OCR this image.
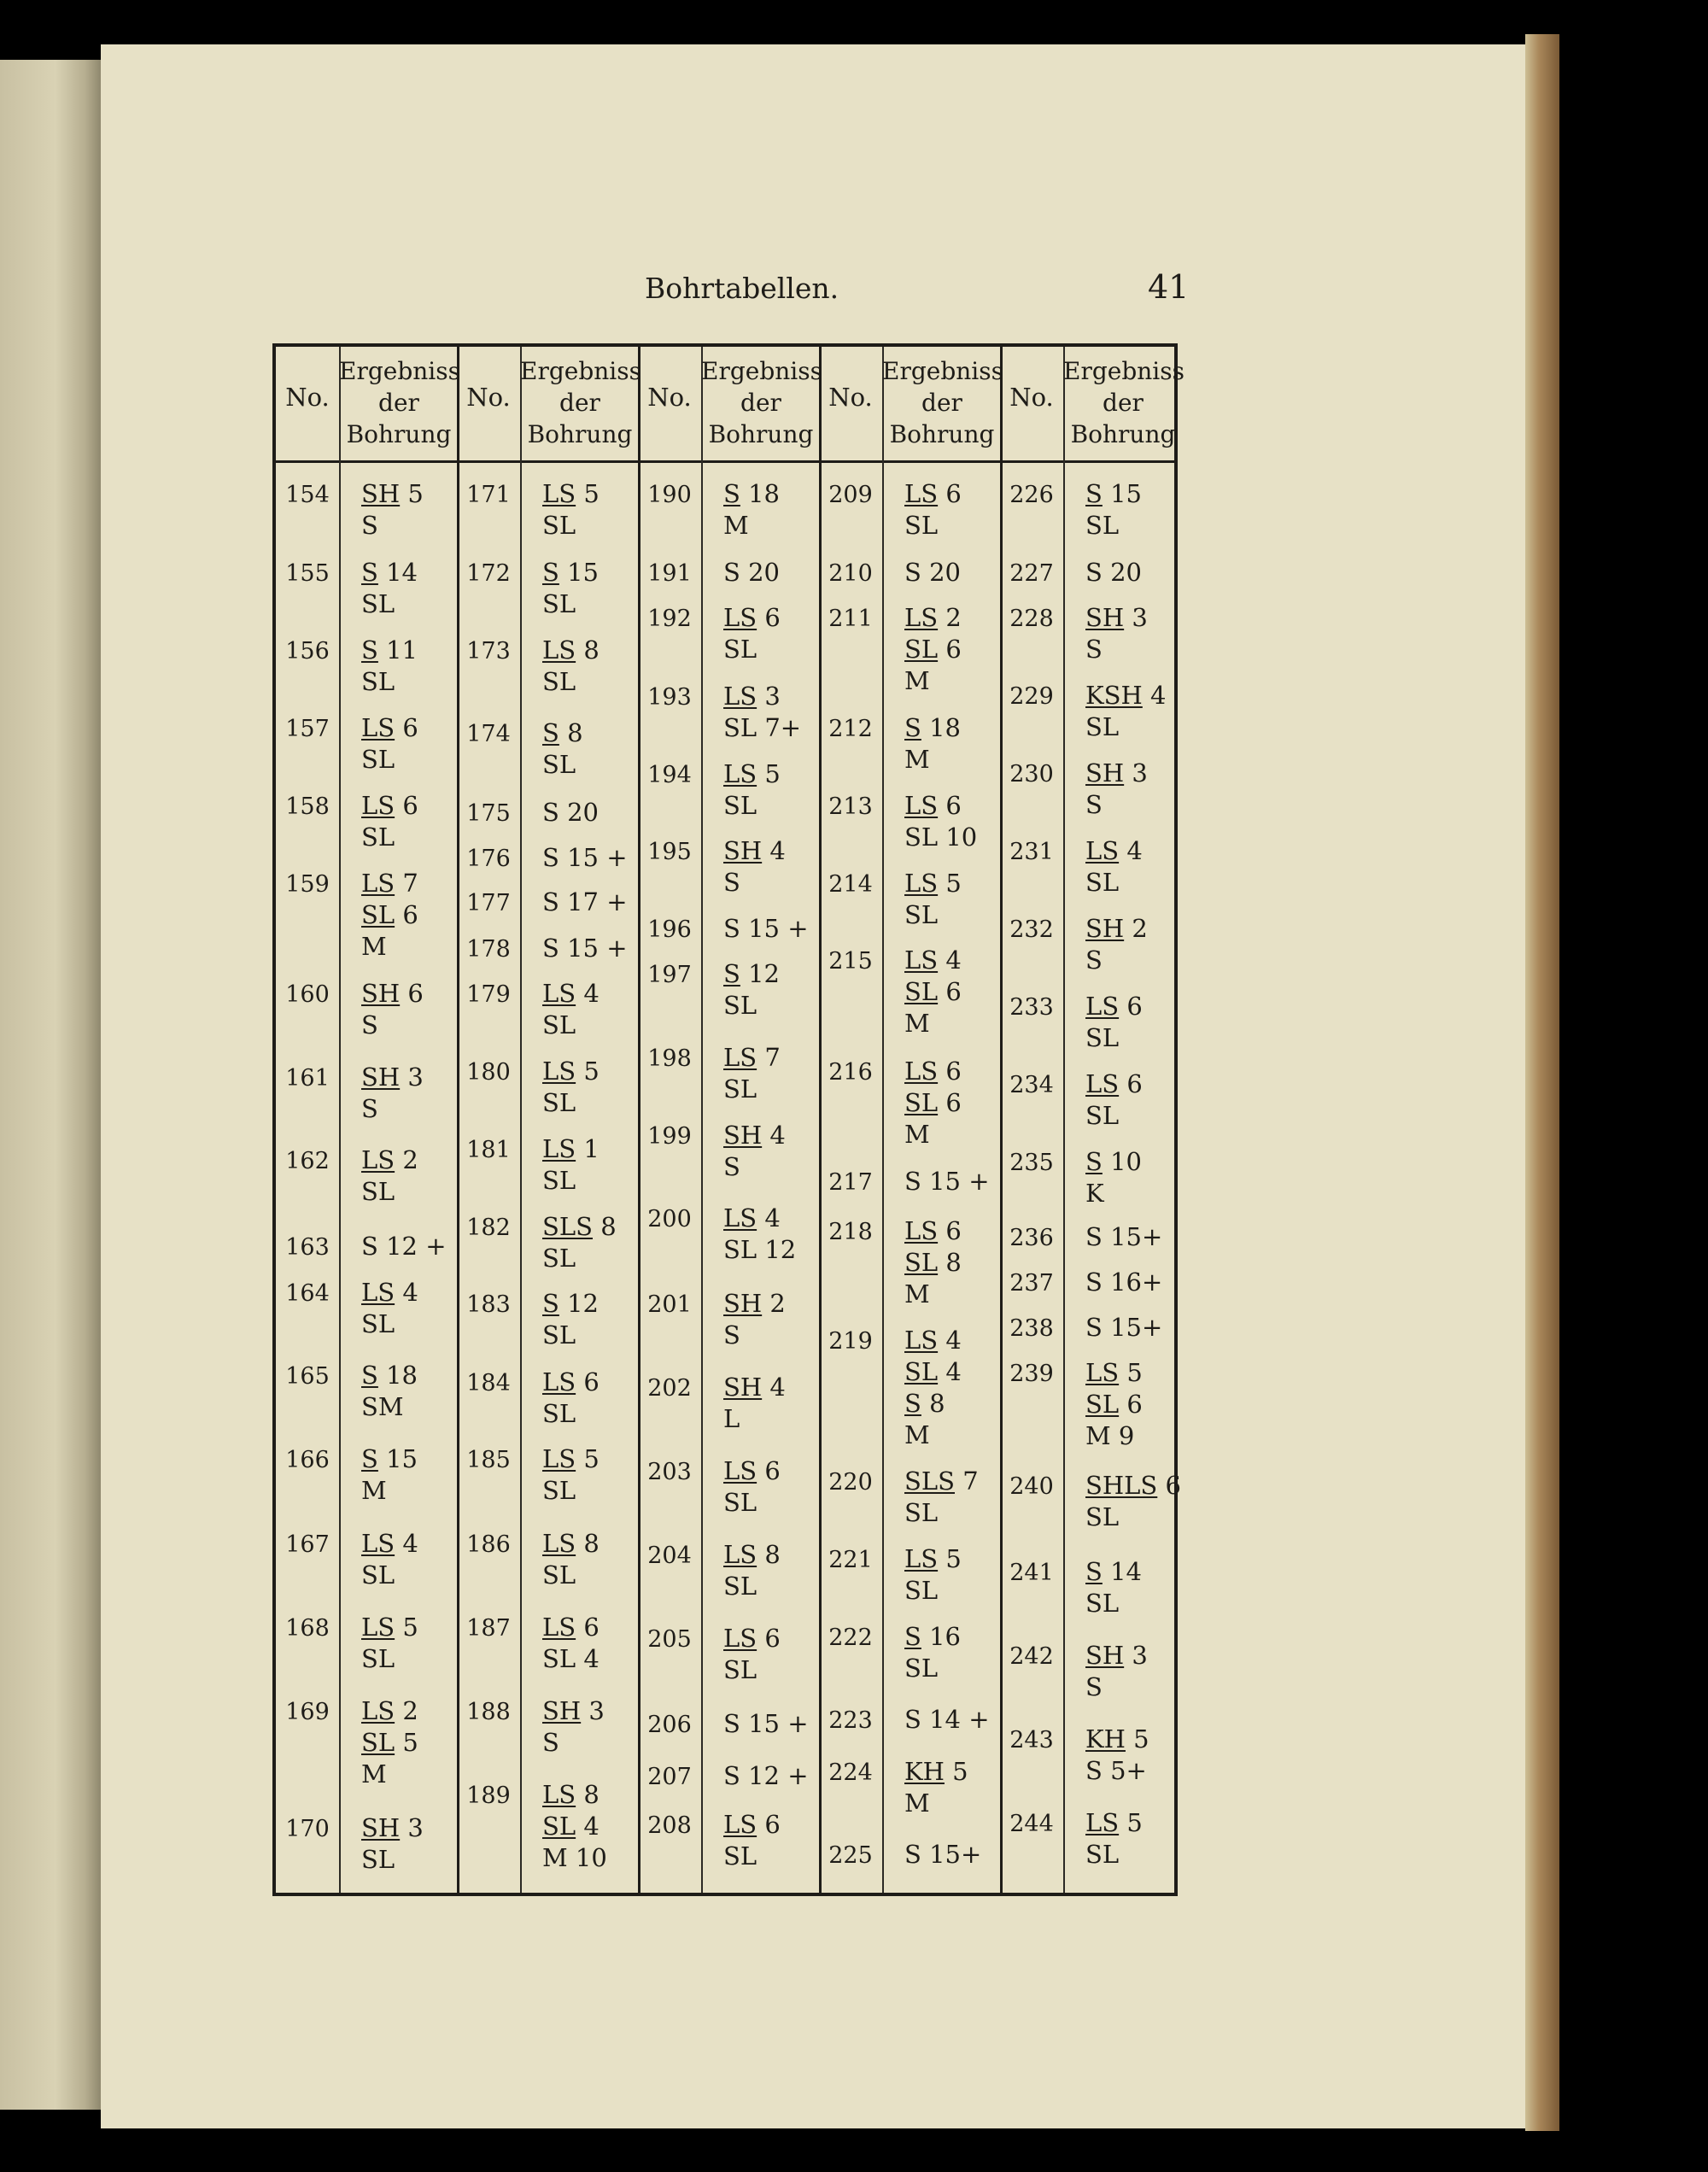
Bohrtabellen.	41
No.
Ergebniss
der
Bohrung
No.
Ergebniss
der
Bohrung
No.
Ergebniss
der
Bohrung
No.
Ergebniss
der
Bohrung
No.
Ergebniss
der
Bohrung
154	SH 5
S
155	S 14
SL
156	S 11
SL
157	LS 6
SL
158	LS 6
SL
159	LS 7
SL 6
M
160	SH 6
S
161	SH 3
S
162	LS 2
SL
163	S 12 +
164	LS 4
SL
165	S 18
SM
166	S 15
M
167	LS 4
SL
168	LS 5
SL
169	LS 2
SL 5
M
170	SH 3
SL
171	LS 5
SL
172	S 15
SL
173	LS 8
SL
174	S 8
SL
175	S 20
176	S 15 +
177	S 17 +
178	S 15 +
179	LS 4
SL
180	LS 5
SL
181	LS 1
SL
182	SLS 8
SL
183	S 12
SL
184	LS 6
SL
185	LS 5
SL
186	LS 8
SL
187	LS 6
SL 4
188	SH 3
S
189	LS 8
SL 4
M 10
190	S 18
M
191	S 20
192	LS 6
SL
193	LS 3
SL 7+
194	LS 5
SL
195	SH 4
S
196	S 15 +
197	S 12
SL
198	LS 7
SL
199	SH 4
S
200	LS 4
SL 12
201	SH 2
S
202	SH 4
L
203	LS 6
SL
204	LS 8
SL
205	LS 6
SL
206	S 15 +
207	S 12 +
208	LS 6
SL
209	LS 6
SL
210	S 20
211	LS 2
SL 6
M
212	S 18
M
213	LS 6
SL 10
214	LS 5
SL
215	LS 4
SL 6
M
216	LS 6
SL 6
M
217	S 15 +
218	LS 6
SL 8
M
219	LS 4
SL 4
S 8
M
220	SLS 7
SL
221	LS 5
SL
222	S 16
SL
223	S 14 +
224	KH 5
M
225	S 15+
226	S 15
SL
227	S 20
228	SH 3
S
229	KSH 4
SL
230	SH 3
S
231	LS 4
SL
232	SH 2
S
233	LS 6
SL
234	LS 6
SL
235	S 10
K
236	S 15+
237	S 16+
238	S 15+
239	LS 5
SL 6
M 9
240	SHLS 6
SL
241	S 14
SL
242	SH 3
S
243	KH 5
S 5+
244	LS 5
SL
